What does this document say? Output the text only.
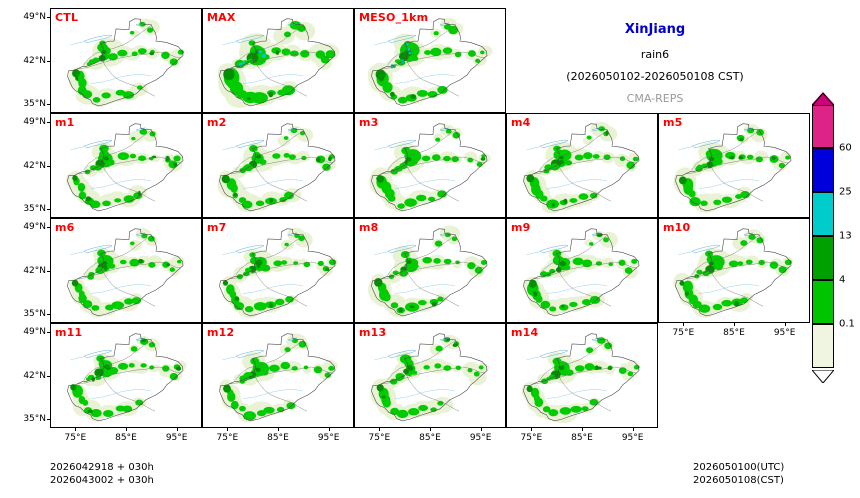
CTL	MAX	MESO_1km
m1	m2	m3	m4	m5
m6	m7	m8	m9	m10
m11	m12	m13	m14
49°N
42°N
35°N
49°N
42°N
35°N
49°N
42°N
35°N
49°N
42°N
35°N
75°E	85°E	95°E	75°E	85°E	95°E	75°E	85°E	95°E	75°E	85°E	95°E
75°E	85°E	95°E
XinJiang
rain6
(2026050102-2026050108 CST)
CMA-REPS
0.1
4
13
25
60
2026042918 + 030h
2026043002 + 030h
2026050100(UTC)
2026050108(CST)
